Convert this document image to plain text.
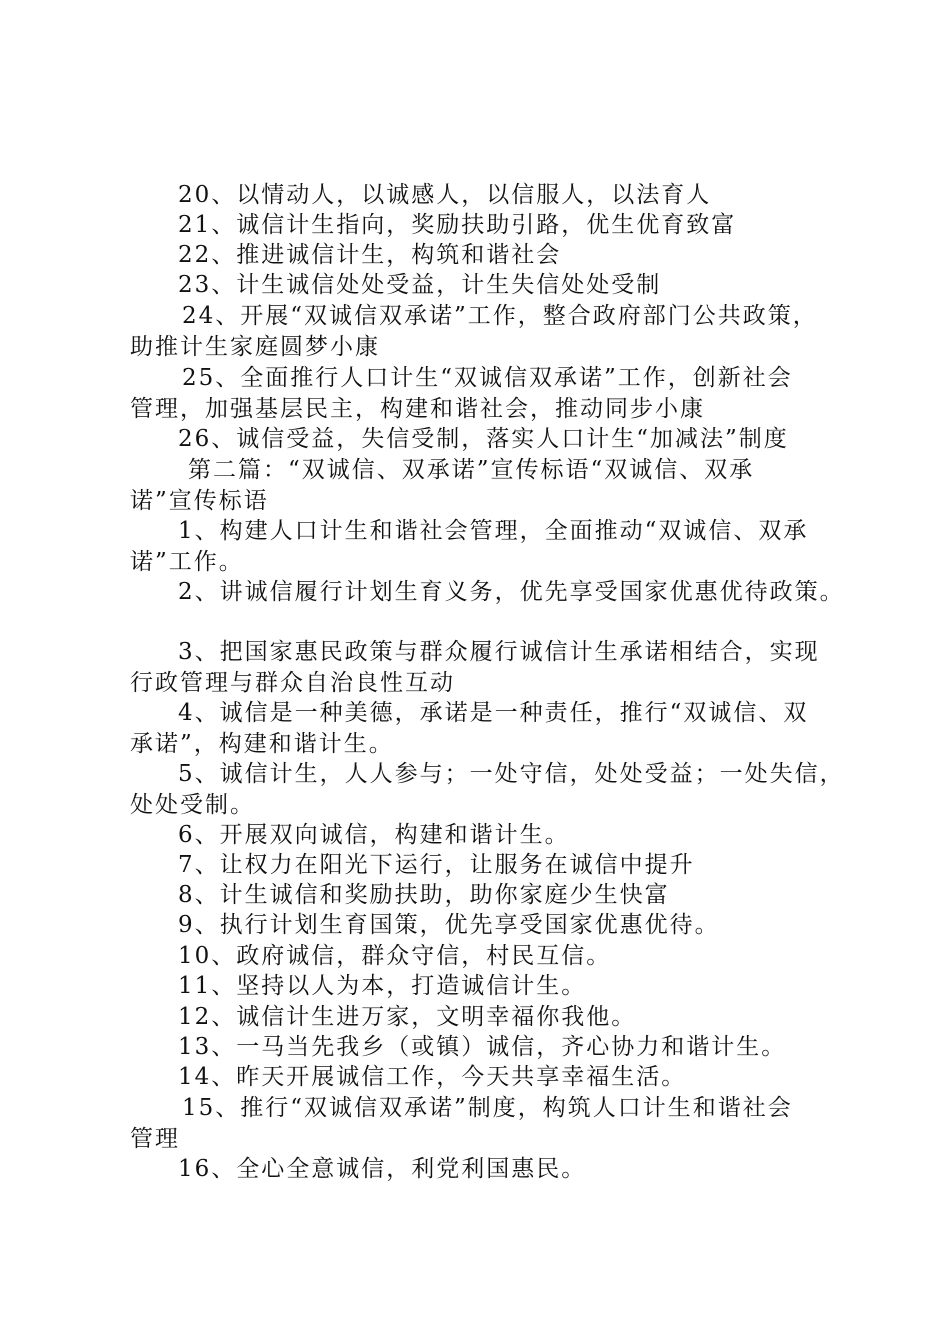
20、以情动人，以诚感人，以信服人，以法育人
21、诚信计生指向，奖励扶助引路，优生优育致富
22、推进诚信计生，构筑和谐社会
23、计生诚信处处受益，计生失信处处受制
24、开展“双诚信双承诺”工作，整合政府部门公共政策，
助推计生家庭圆梦小康
25、全面推行人口计生“双诚信双承诺”工作，创新社会
管理，加强基层民主，构建和谐社会，推动同步小康
26、诚信受益，失信受制，落实人口计生“加减法”制度
第二篇：“双诚信、双承诺”宣传标语“双诚信、双承
诺”宣传标语
1、构建人口计生和谐社会管理，全面推动“双诚信、双承
诺”工作。
2、讲诚信履行计划生育义务，优先享受国家优惠优待政策。
3、把国家惠民政策与群众履行诚信计生承诺相结合，实现
行政管理与群众自治良性互动
4、诚信是一种美德，承诺是一种责任，推行“双诚信、双
承诺”，构建和谐计生。
5、诚信计生，人人参与；一处守信，处处受益；一处失信，
处处受制。
6、开展双向诚信，构建和谐计生。
7、让权力在阳光下运行，让服务在诚信中提升
8、计生诚信和奖励扶助，助你家庭少生快富
9、执行计划生育国策，优先享受国家优惠优待。
10、政府诚信，群众守信，村民互信。
11、坚持以人为本，打造诚信计生。
12、诚信计生进万家，文明幸福你我他。
13、一马当先我乡（或镇）诚信，齐心协力和谐计生。
14、昨天开展诚信工作，今天共享幸福生活。
15、推行“双诚信双承诺”制度，构筑人口计生和谐社会
管理
16、全心全意诚信，利党利国惠民。
